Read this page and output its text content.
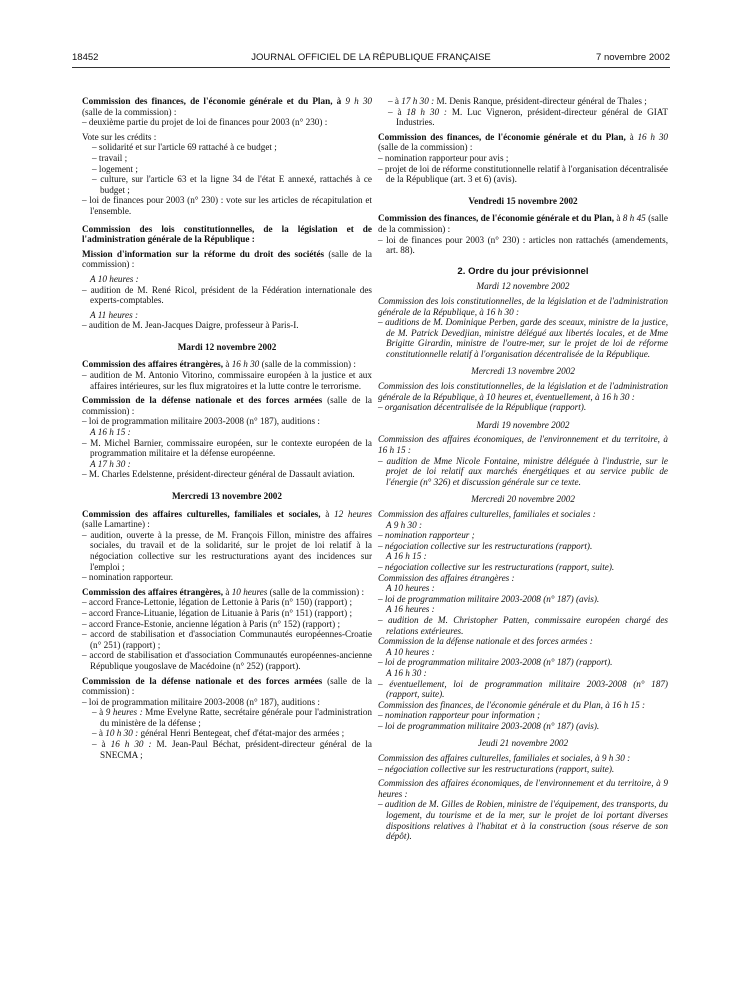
18452	JOURNAL OFFICIEL DE LA RÉPUBLIQUE FRANÇAISE	7 novembre 2002

Commission des finances, de l'économie générale et du Plan, à 9 h 30 (salle de la commission) :

– deuxième partie du projet de loi de finances pour 2003 (n° 230) :

Vote sur les crédits :

– solidarité et sur l'article 69 rattaché à ce budget ;

– travail ;

– logement ;

– culture, sur l'article 63 et la ligne 34 de l'état E annexé, rattachés à ce budget ;

– loi de finances pour 2003 (n° 230) : vote sur les articles de récapitulation et l'ensemble.

Commission des lois constitutionnelles, de la législation et de l'administration générale de la République :

Mission d'information sur la réforme du droit des sociétés (salle de la commission) :

A 10 heures :

– audition de M. René Ricol, président de la Fédération internationale des experts-comptables.

A 11 heures :

– audition de M. Jean-Jacques Daigre, professeur à Paris-I.

Mardi 12 novembre 2002

Commission des affaires étrangères, à 16 h 30 (salle de la commission) :

– audition de M. Antonio Vitorino, commissaire européen à la justice et aux affaires intérieures, sur les flux migratoires et la lutte contre le terrorisme.

Commission de la défense nationale et des forces armées (salle de la commission) :

– loi de programmation militaire 2003-2008 (n° 187), auditions :

A 16 h 15 :

– M. Michel Barnier, commissaire européen, sur le contexte européen de la programmation militaire et la défense européenne.

A 17 h 30 :

– M. Charles Edelstenne, président-directeur général de Dassault aviation.

Mercredi 13 novembre 2002

Commission des affaires culturelles, familiales et sociales, à 12 heures (salle Lamartine) :

– audition, ouverte à la presse, de M. François Fillon, ministre des affaires sociales, du travail et de la solidarité, sur le projet de loi relatif à la négociation collective sur les restructurations ayant des incidences sur l'emploi ;

– nomination rapporteur.

Commission des affaires étrangères, à 10 heures (salle de la commission) :

– accord France-Lettonie, légation de Lettonie à Paris (n° 150) (rapport) ;

– accord France-Lituanie, légation de Lituanie à Paris (n° 151) (rapport) ;

– accord France-Estonie, ancienne légation à Paris (n° 152) (rapport) ;

– accord de stabilisation et d'association Communautés européennes-Croatie (n° 251) (rapport) ;

– accord de stabilisation et d'association Communautés européennes-ancienne République yougoslave de Macédoine (n° 252) (rapport).

Commission de la défense nationale et des forces armées (salle de la commission) :

– loi de programmation militaire 2003-2008 (n° 187), auditions :

– à 9 heures : Mme Evelyne Ratte, secrétaire générale pour l'administration du ministère de la défense ;

– à 10 h 30 : général Henri Bentegeat, chef d'état-major des armées ;

– à 16 h 30 : M. Jean-Paul Béchat, président-directeur général de la SNECMA ;

– à 17 h 30 : M. Denis Ranque, président-directeur général de Thales ;

– à 18 h 30 : M. Luc Vigneron, président-directeur général de GIAT Industries.

Commission des finances, de l'économie générale et du Plan, à 16 h 30 (salle de la commission) :

– nomination rapporteur pour avis ;

– projet de loi de réforme constitutionnelle relatif à l'organisation décentralisée de la République (art. 3 et 6) (avis).

Vendredi 15 novembre 2002

Commission des finances, de l'économie générale et du Plan, à 8 h 45 (salle de la commission) :

– loi de finances pour 2003 (n° 230) : articles non rattachés (amendements, art. 88).

2. Ordre du jour prévisionnel

Mardi 12 novembre 2002

Commission des lois constitutionnelles, de la législation et de l'administration générale de la République, à 16 h 30 :

– auditions de M. Dominique Perben, garde des sceaux, ministre de la justice, de M. Patrick Devedjian, ministre délégué aux libertés locales, et de Mme Brigitte Girardin, ministre de l'outre-mer, sur le projet de loi de réforme constitutionnelle relatif à l'organisation décentralisée de la République.

Mercredi 13 novembre 2002

Commission des lois constitutionnelles, de la législation et de l'administration générale de la République, à 10 heures et, éventuellement, à 16 h 30 :

– organisation décentralisée de la République (rapport).

Mardi 19 novembre 2002

Commission des affaires économiques, de l'environnement et du territoire, à 16 h 15 :

– audition de Mme Nicole Fontaine, ministre déléguée à l'industrie, sur le projet de loi relatif aux marchés énergétiques et au service public de l'énergie (n° 326) et discussion générale sur ce texte.

Mercredi 20 novembre 2002

Commission des affaires culturelles, familiales et sociales :

A 9 h 30 :

– nomination rapporteur ;

– négociation collective sur les restructurations (rapport).

A 16 h 15 :

– négociation collective sur les restructurations (rapport, suite).

Commission des affaires étrangères :

A 10 heures :

– loi de programmation militaire 2003-2008 (n° 187) (avis).

A 16 heures :

– audition de M. Christopher Patten, commissaire européen chargé des relations extérieures.

Commission de la défense nationale et des forces armées :

A 10 heures :

– loi de programmation militaire 2003-2008 (n° 187) (rapport).

A 16 h 30 :

– éventuellement, loi de programmation militaire 2003-2008 (n° 187) (rapport, suite).

Commission des finances, de l'économie générale et du Plan, à 16 h 15 :

– nomination rapporteur pour information ;

– loi de programmation militaire 2003-2008 (n° 187) (avis).

Jeudi 21 novembre 2002

Commission des affaires culturelles, familiales et sociales, à 9 h 30 :

– négociation collective sur les restructurations (rapport, suite).

Commission des affaires économiques, de l'environnement et du territoire, à 9 heures :

– audition de M. Gilles de Robien, ministre de l'équipement, des transports, du logement, du tourisme et de la mer, sur le projet de loi portant diverses dispositions relatives à l'habitat et à la construction (sous réserve de son dépôt).
